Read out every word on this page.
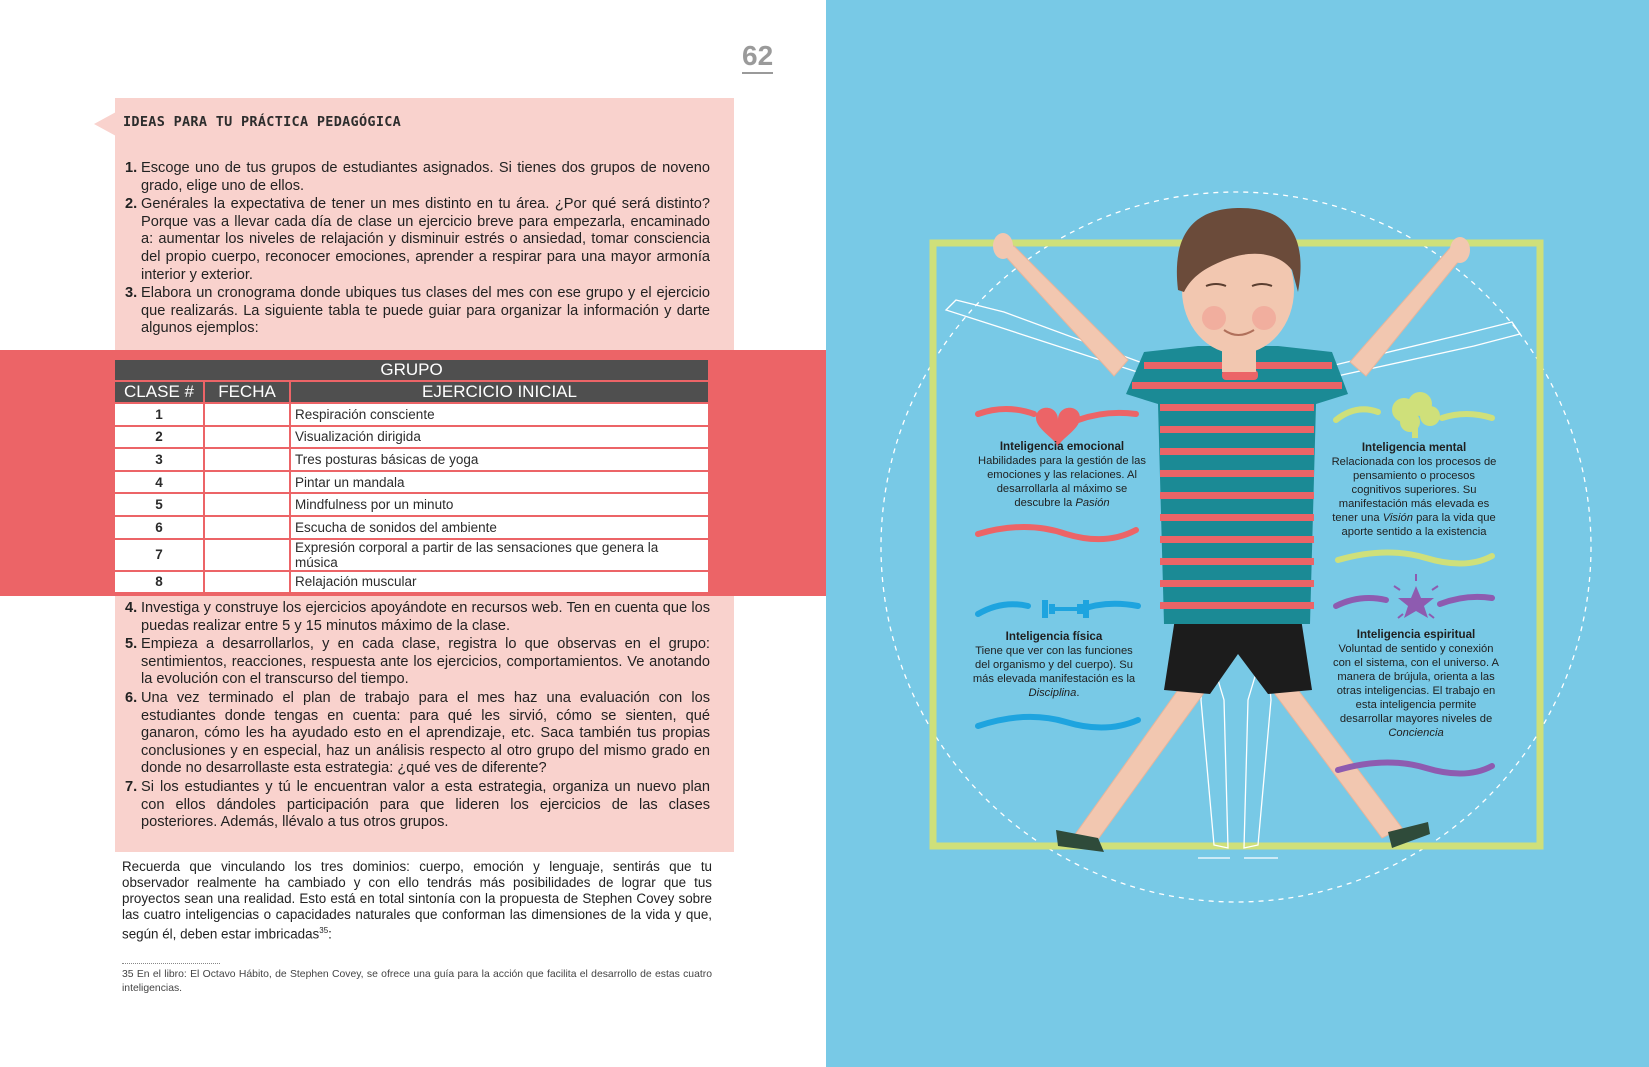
62
IDEAS PARA TU PRÁCTICA PEDAGÓGICA
1. Escoge uno de tus grupos de estudiantes asignados. Si tienes dos grupos de noveno grado, elige uno de ellos.
2. Genérales la expectativa de tener un mes distinto en tu área. ¿Por qué será distinto? Porque vas a llevar cada día de clase un ejercicio breve para empezarla, encaminado a: aumentar los niveles de relajación y disminuir estrés o ansiedad, tomar consciencia del propio cuerpo, reconocer emociones, aprender a respirar para una mayor armonía interior y exterior.
3. Elabora un cronograma donde ubiques tus clases del mes con ese grupo y el ejercicio que realizarás. La siguiente tabla te puede guiar para organizar la información y darte algunos ejemplos:
GRUPO		
CLASE #	FECHA	EJERCICIO INICIAL
1		Respiración consciente
2		Visualización dirigida
3		Tres posturas básicas de yoga
4		Pintar un mandala
5		Mindfulness por un minuto
6		Escucha de sonidos del ambiente
7		Expresión corporal a partir de las sensaciones que genera la música
8		Relajación muscular
4. Investiga y construye los ejercicios apoyándote en recursos web. Ten en cuenta que los puedas realizar entre 5 y 15 minutos máximo de la clase.
5. Empieza a desarrollarlos, y en cada clase, registra lo que observas en el grupo: sentimientos, reacciones, respuesta ante los ejercicios, comportamientos. Ve anotando la evolución con el transcurso del tiempo.
6. Una vez terminado el plan de trabajo para el mes haz una evaluación con los estudiantes donde tengas en cuenta: para qué les sirvió, cómo se sienten, qué ganaron, cómo les ha ayudado esto en el aprendizaje, etc. Saca también tus propias conclusiones y en especial, haz un análisis respecto al otro grupo del mismo grado en donde no desarrollaste esta estrategia: ¿qué ves de diferente?
7. Si los estudiantes y tú le encuentran valor a esta estrategia, organiza un nuevo plan con ellos dándoles participación para que lideren los ejercicios de las clases posteriores. Además, llévalo a tus otros grupos.

Recuerda que vinculando los tres dominios: cuerpo, emoción y lenguaje, sentirás que tu observador realmente ha cambiado y con ello tendrás más posibilidades de lograr que tus proyectos sean una realidad. Esto está en total sintonía con la propuesta de Stephen Covey sobre las cuatro inteligencias o capacidades naturales que conforman las dimensiones de la vida y que, según él, deben estar imbricadas$^{35}$:

35 En el libro: El Octavo Hábito, de Stephen Covey, se ofrece una guía para la acción que facilita el desarrollo de estas cuatro inteligencias.

Inteligencia emocional
Habilidades para la gestión de las emociones y las relaciones. Al desarrollarla al máximo se descubre la Pasión
Inteligencia mental
Relacionada con los procesos de pensamiento o procesos cognitivos superiores. Su manifestación más elevada es tener una Visión para la vida que aporte sentido a la existencia
Inteligencia física
Tiene que ver con las funciones del organismo y del cuerpo). Su más elevada manifestación es la Disciplina.
Inteligencia espiritual
Voluntad de sentido y conexión con el sistema, con el universo. A manera de brújula, orienta a las otras inteligencias. El trabajo en esta inteligencia permite desarrollar mayores niveles de Conciencia
